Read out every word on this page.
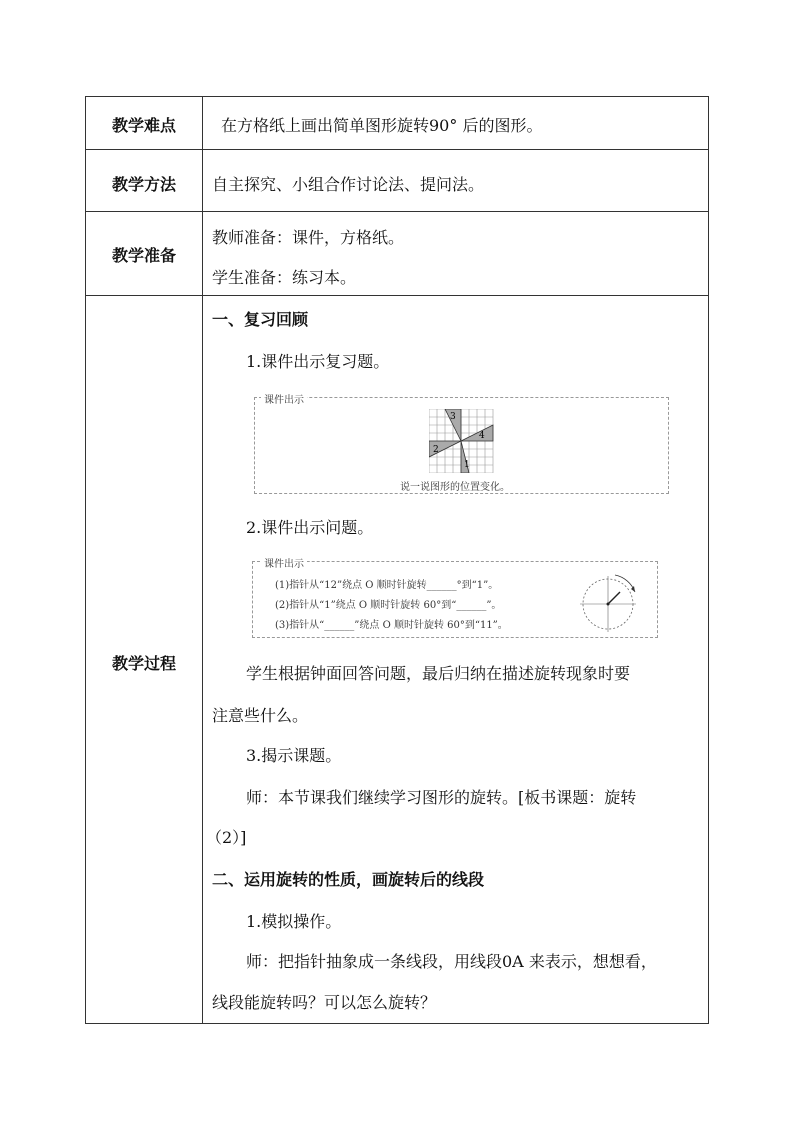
教学难点
教学方法
教学准备
教学过程
在方格纸上画出简单图形旋转90° 后的图形。
自主探究、小组合作讨论法、提问法。
教师准备：课件，方格纸。
学生准备：练习本。
一、复习回顾
1.课件出示复习题。
课件出示
3
4
2
1
说一说图形的位置变化。
2.课件出示问题。
课件出示
(1)指针从“12”绕点 O 顺时针旋转______°到“1”。
(2)指针从“1”绕点 O 顺时针旋转 60°到“______”。
(3)指针从“______”绕点 O 顺时针旋转 60°到“11”。
学生根据钟面回答问题，最后归纳在描述旋转现象时要
注意些什么。
3.揭示课题。
师：本节课我们继续学习图形的旋转。[板书课题：旋转
（2）]
二、运用旋转的性质，画旋转后的线段
1.模拟操作。
师：把指针抽象成一条线段，用线段0A 来表示，想想看，
线段能旋转吗？可以怎么旋转？
